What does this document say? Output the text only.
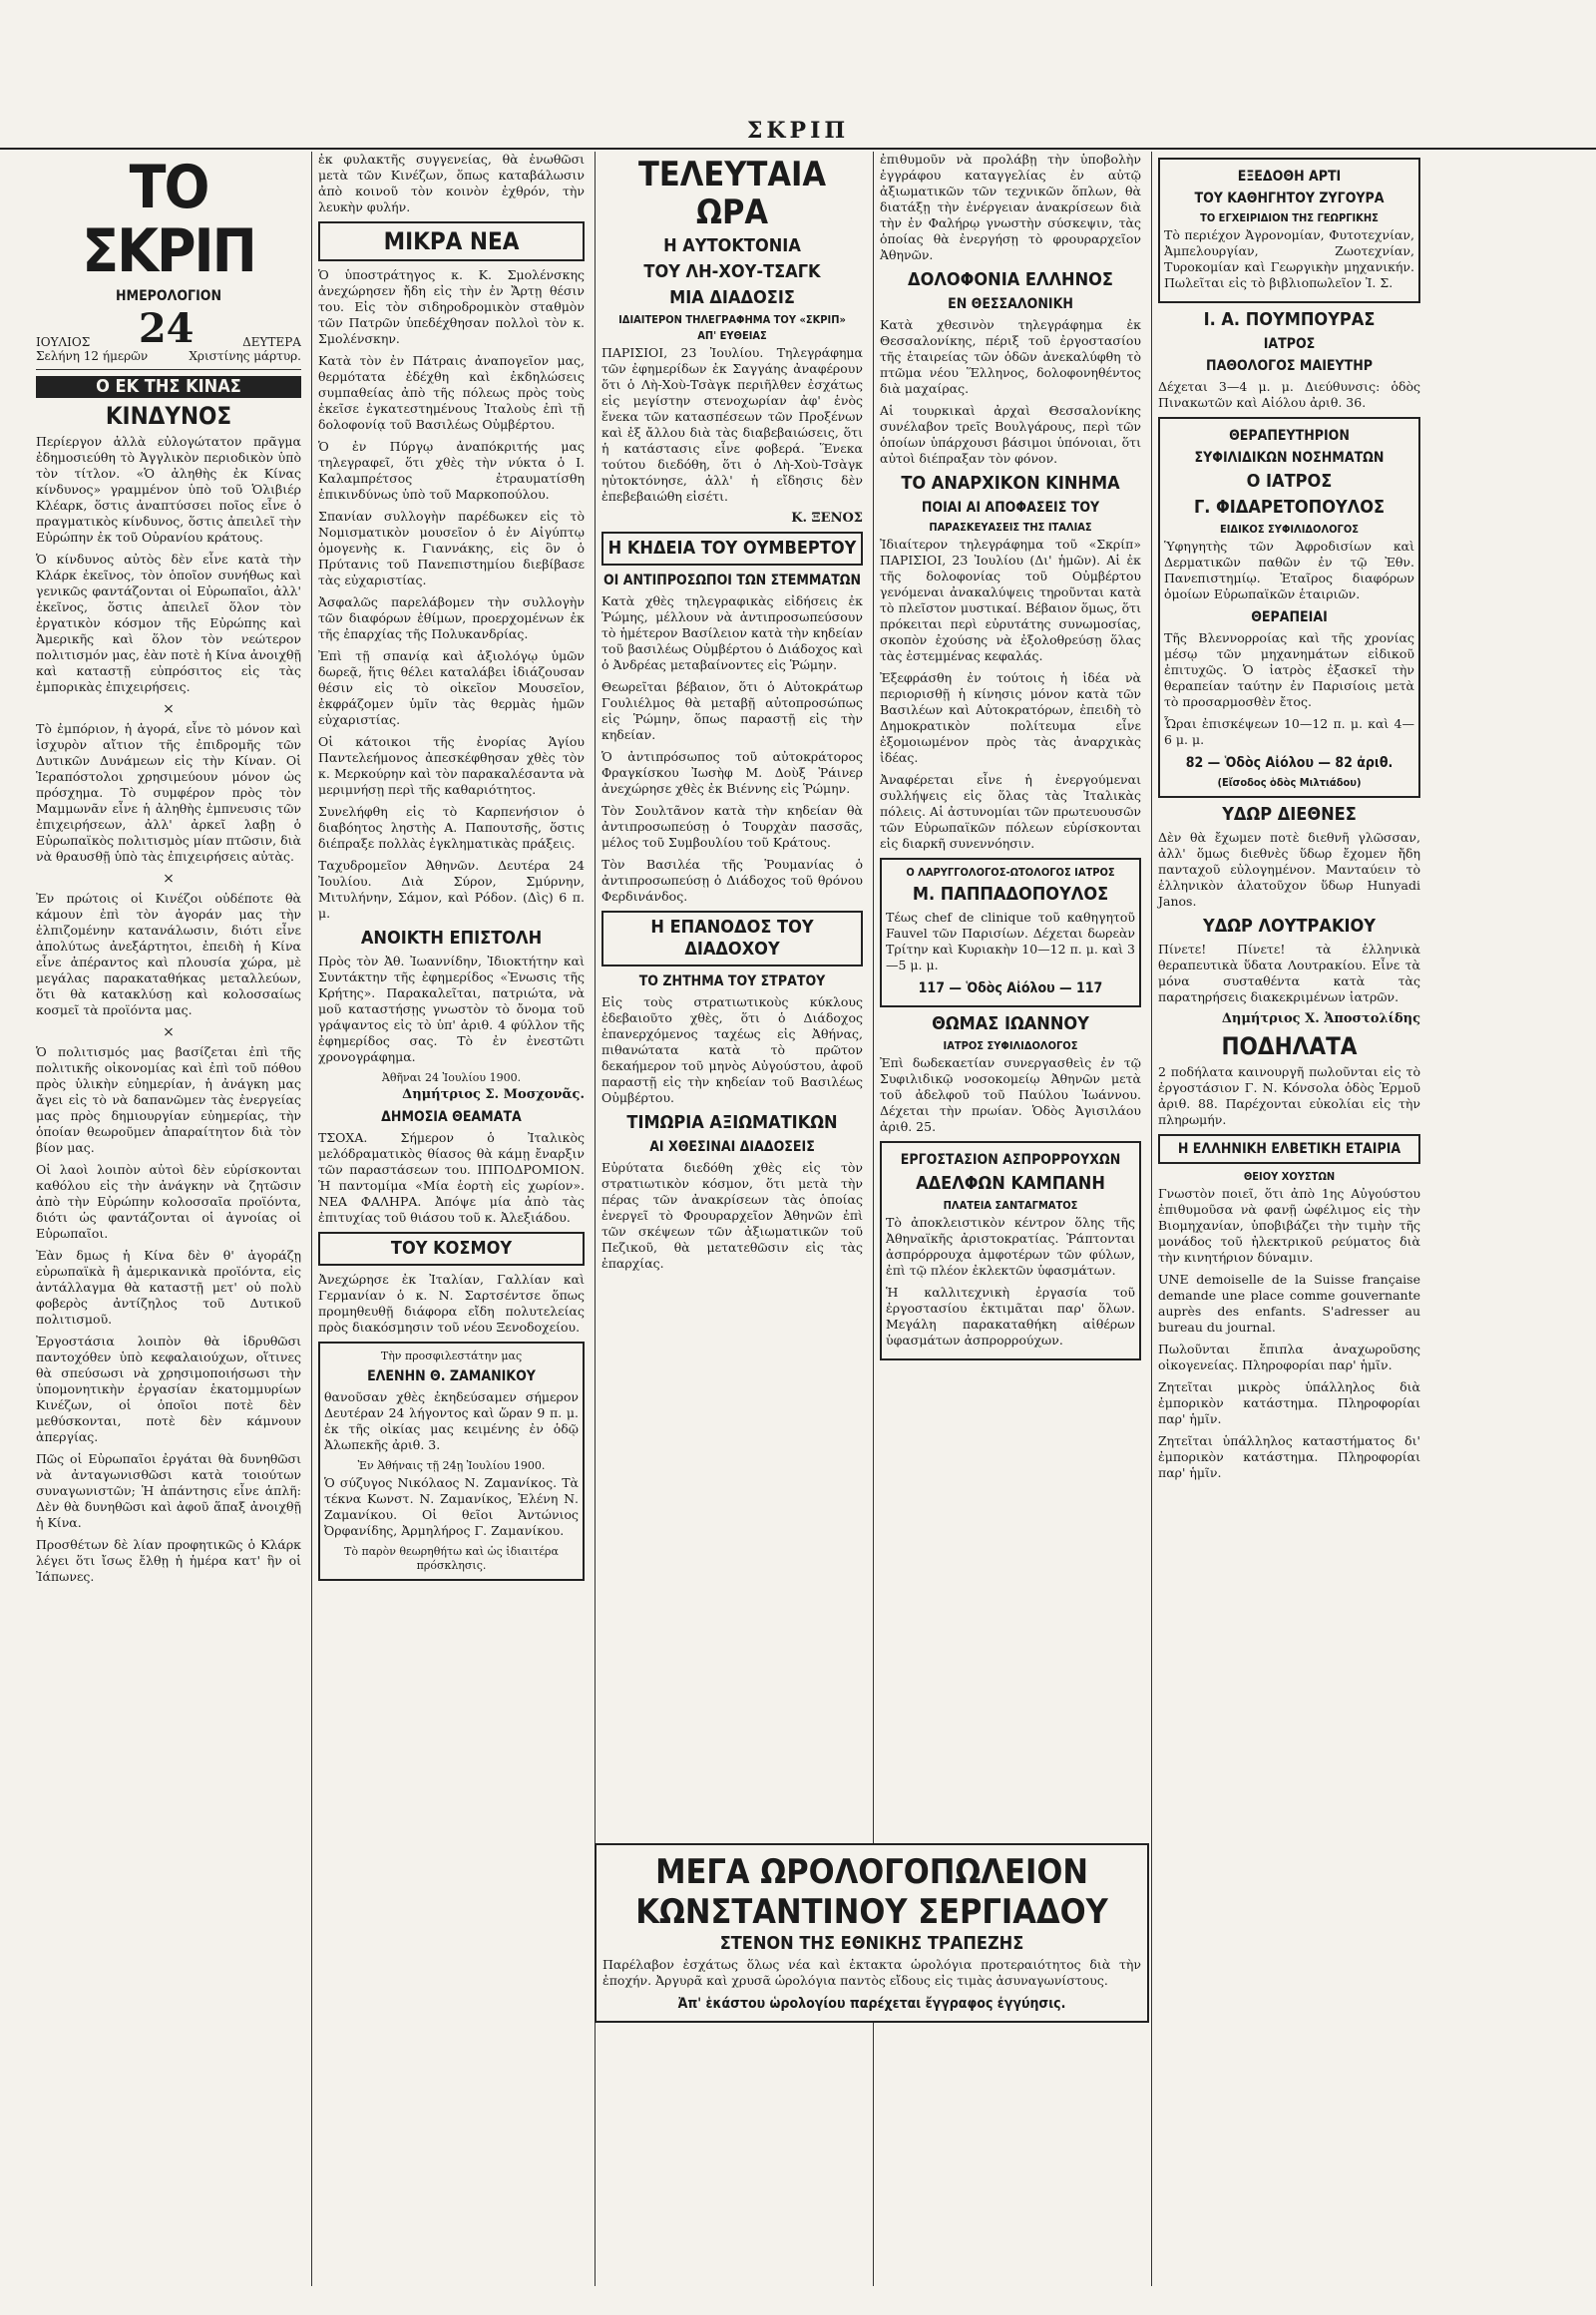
ΣΚΡΙΠ
ΤΟ ΣΚΡΙΠ
ΗΜΕΡΟΛΟΓΙΟΝ
ΙΟΥΛΙΟΣ 24	ΔΕΥΤΕΡΑ
Σελήνη 12 ήμερῶν	Χριστίνης μάρτυρ.
Ο ΕΚ ΤΗΣ ΚΙΝΑΣ
ΚΙΝΔΥΝΟΣ

Περίεργον ἀλλὰ εὐλογώτατον πρᾶγμα ἐδημοσιεύθη τὸ Ἀγγλικὸν περιοδικὸν ὑπὸ τὸν τίτλον. «Ὁ ἀληθὴς ἐκ Κίνας κίνδυνος» γραμμένον ὑπὸ τοῦ Ὁλιβιέρ Κλέαρκ, ὅστις ἀναπτύσσει ποῖος εἶνε ὁ πραγματικὸς κίνδυνος, ὅστις ἀπειλεῖ τὴν Εὐρώπην ἐκ τοῦ Οὐρανίου κράτους.

Ὁ κίνδυνος αὐτὸς δὲν εἶνε κατὰ τὴν Κλάρκ ἐκεῖνος, τὸν ὁποῖον συνήθως καὶ γενικῶς φαντάζονται οἱ Εὐρωπαῖοι, ἀλλ' ἐκεῖνος, ὅστις ἀπειλεῖ ὅλον τὸν ἐργατικὸν κόσμον τῆς Εὐρώπης καὶ Ἀμερικῆς καὶ ὅλον τὸν νεώτερον πολιτισμόν μας, ἐὰν ποτὲ ἡ Κίνα ἀνοιχθῇ καὶ καταστῇ εὐπρόσιτος εἰς τὰς ἐμπορικὰς ἐπιχειρήσεις.

×

Τὸ ἐμπόριον, ἡ ἀγορά, εἶνε τὸ μόνον καὶ ἰσχυρὸν αἴτιον τῆς ἐπιδρομῆς τῶν Δυτικῶν Δυνάμεων εἰς τὴν Κίναν. Οἱ Ἱεραπόστολοι χρησιμεύουν μόνον ὡς πρόσχημα. Τὸ συμφέρον πρὸς τὸν Μαμμωνᾶν εἶνε ἡ ἀληθὴς ἐμπνευσις τῶν ἐπιχειρήσεων, ἀλλ' ἀρκεῖ λαβῃ ὁ Εὐρωπαϊκὸς πολιτισμὸς μίαν πτῶσιν, διὰ νὰ θραυσθῇ ὑπὸ τὰς ἐπιχειρήσεις αὐτὰς.

×

Ἐν πρώτοις οἱ Κινέζοι οὐδέποτε θὰ κάμουν ἐπὶ τὸν ἀγοράν μας τὴν ἐλπιζομένην κατανάλωσιν, διότι εἶνε ἀπολύτως ἀνεξάρτητοι, ἐπειδὴ ἡ Κίνα εἶνε ἀπέραντος καὶ πλουσία χώρα, μὲ μεγάλας παρακαταθήκας μεταλλεύων, ὅτι θὰ κατακλύσῃ καὶ κολοσσαίως κοσμεῖ τὰ προϊόντα μας.

×

Ὁ πολιτισμός μας βασίζεται ἐπὶ τῆς πολιτικῆς οἰκονομίας καὶ ἐπὶ τοῦ πόθου πρὸς ὑλικὴν εὐημερίαν, ἡ ἀνάγκη μας ἄγει εἰς τὸ νὰ δαπανῶμεν τὰς ἐνεργείας μας πρὸς δημιουργίαν εὐημερίας, τὴν ὁποίαν θεωροῦμεν ἀπαραίτητον διὰ τὸν βίον μας.

Οἱ λαοὶ λοιπὸν αὐτοὶ δὲν εὑρίσκονται καθόλου εἰς τὴν ἀνάγκην νὰ ζητῶσιν ἀπὸ τὴν Εὐρώπην κολοσσαῖα προϊόντα, διότι ὡς φαντάζονται οἱ ἀγνοίας οἱ Εὐρωπαῖοι.

Ἐὰν δμως ἡ Κίνα δὲν θ' ἀγοράζῃ εὐρωπαϊκὰ ἢ ἀμερικανικὰ προϊόντα, εἰς ἀντάλλαγμα θὰ καταστῇ μετ' οὐ πολὺ φοβερὸς ἀντίζηλος τοῦ Δυτικοῦ πολιτισμοῦ.

Ἐργοστάσια λοιπὸν θὰ ἱδρυθῶσι παντοχόθεν ὑπὸ κεφαλαιούχων, οἵτινες θὰ σπεύσωσι νὰ χρησιμοποιήσωσι τὴν ὑπομονητικὴν ἐργασίαν ἑκατομμυρίων Κινέζων, οἱ ὁποῖοι ποτὲ δὲν μεθύσκονται, ποτὲ δὲν κάμνουν ἀπεργίας.

Πῶς οἱ Εὐρωπαῖοι ἐργάται θὰ δυνηθῶσι νὰ ἀνταγωνισθῶσι κατὰ τοιούτων συναγωνιστῶν; Ἡ ἀπάντησις εἶνε ἁπλῆ: Δὲν θὰ δυνηθῶσι καὶ ἀφοῦ ἅπαξ ἀνοιχθῇ ἡ Κίνα.

Προσθέτων δὲ λίαν προφητικῶς ὁ Κλάρκ λέγει ὅτι ἴσως ἔλθῃ ἡ ἡμέρα κατ' ἣν οἱ Ἰάπωνες.

ἐκ φυλακτῆς συγγενείας, θὰ ἐνωθῶσι μετὰ τῶν Κινέζων, ὅπως καταβάλωσιν ἀπὸ κοινοῦ τὸν κοινὸν ἐχθρόν, τὴν λευκὴν φυλήν.

ΜΙΚΡΑ ΝΕΑ

Ὁ ὑποστράτηγος κ. Κ. Σμολένσκης ἀνεχώρησεν ἤδη εἰς τὴν ἐν Ἄρτῃ θέσιν του. Εἰς τὸν σιδηροδρομικὸν σταθμὸν τῶν Πατρῶν ὑπεδέχθησαν πολλοὶ τὸν κ. Σμολένσκην.

Κατὰ τὸν ἐν Πάτραις ἀναπογεῖον μας, θερμότατα ἐδέχθη καὶ ἐκδηλώσεις συμπαθείας ἀπὸ τῆς πόλεως πρὸς τοὺς ἐκεῖσε ἐγκατεστημένους Ἰταλοὺς ἐπὶ τῇ δολοφονίᾳ τοῦ Βασιλέως Οὐμβέρτου.

Ὁ ἐν Πύργῳ ἀναπόκριτής μας τηλεγραφεῖ, ὅτι χθὲς τὴν νύκτα ὁ Ι. Καλαμπρέτσος ἐτραυματίσθη ἐπικινδύνως ὑπὸ τοῦ Μαρκοπούλου.

Σπανίαν συλλογὴν παρέδωκεν εἰς τὸ Νομισματικὸν μουσεῖον ὁ ἐν Αἰγύπτῳ ὁμογενὴς κ. Γιαννάκης, εἰς ὃν ὁ Πρύτανις τοῦ Πανεπιστημίου διεβίβασε τὰς εὐχαριστίας.

Ἀσφαλῶς παρελάβομεν τὴν συλλογὴν τῶν διαφόρων ἐθίμων, προερχομένων ἐκ τῆς ἐπαρχίας τῆς Πολυκανδρίας.

Ἐπὶ τῇ σπανίᾳ καὶ ἀξιολόγῳ ὑμῶν δωρεᾷ, ἥτις θέλει καταλάβει ἰδιάζουσαν θέσιν εἰς τὸ οἰκεῖον Μουσεῖον, ἐκφράζομεν ὑμῖν τὰς θερμὰς ἡμῶν εὐχαριστίας.

Οἱ κάτοικοι τῆς ἐνορίας Ἁγίου Παντελεήμονος ἀπεσκέφθησαν χθὲς τὸν κ. Μερκούρην καὶ τὸν παρακαλέσαντα νὰ μεριμνήσῃ περὶ τῆς καθαριότητος.

Συνελήφθη εἰς τὸ Καρπενήσιον ὁ διαβόητος ληστὴς Α. Παπουτσῆς, ὅστις διέπραξε πολλὰς ἐγκληματικὰς πράξεις.

Ταχυδρομεῖον Ἀθηνῶν. Δευτέρα 24 Ἰουλίου. Διὰ Σύρον, Σμύρνην, Μιτυλήνην, Σάμον, καὶ Ρόδον. (Δὶς) 6 π. μ.

ΑΝΟΙΚΤΗ ΕΠΙΣΤΟΛΗ

Πρὸς τὸν Ἀθ. Ἰωαννίδην, Ἰδιοκτήτην καὶ Συντάκτην τῆς ἐφημερίδος «Ἐνωσις τῆς Κρήτης». Παρακαλεῖται, πατριώτα, νὰ μοῦ καταστήσῃς γνωστὸν τὸ ὄνομα τοῦ γράψαντος εἰς τὸ ὑπ' ἀριθ. 4 φύλλον τῆς ἐφημερίδος σας. Τὸ ἐν ἐνεστῶτι χρονογράφημα.

Ἀθῆναι 24 Ἰουλίου 1900.
Δημήτριος Σ. Μοσχονᾶς.
ΔΗΜΟΣΙΑ ΘΕΑΜΑΤΑ

ΤΣΟΧΑ. Σήμερον ὁ Ἰταλικὸς μελόδραματικὸς θίασος θὰ κάμῃ ἔναρξιν τῶν παραστάσεων του. ΙΠΠΟΔΡΟΜΙΟΝ. Ἡ παντομίμα «Μία ἑορτὴ εἰς χωρίον». ΝΕΑ ΦΑΛΗΡΑ. Ἀπόψε μία ἀπὸ τὰς ἐπιτυχίας τοῦ θιάσου τοῦ κ. Ἀλεξιάδου.

ΤΟΥ ΚΟΣΜΟΥ

Ἀνεχώρησε ἐκ Ἰταλίαν, Γαλλίαν καὶ Γερμανίαν ὁ κ. Ν. Σαρτσέντσε ὅπως προμηθευθῇ διάφορα εἴδη πολυτελείας πρὸς διακόσμησιν τοῦ νέου Ξενοδοχείου.

Τὴν προσφιλεστάτην μας
ΕΛΕΝΗΝ Θ. ΖΑΜΑΝΙΚΟΥ

θανοῦσαν χθὲς ἐκηδεύσαμεν σήμερον Δευτέραν 24 λήγοντος καὶ ὥραν 9 π. μ. ἐκ τῆς οἰκίας μας κειμένης ἐν ὁδῷ Ἀλωπεκῆς ἀριθ. 3.

Ἐν Ἀθήναις τῇ 24ῃ Ἰουλίου 1900.

Ὁ σύζυγος Νικόλαος Ν. Ζαμανίκος. Τὰ τέκνα Κωνστ. Ν. Ζαμανίκος, Ἑλένη Ν. Ζαμανίκου. Οἱ θεῖοι Ἀντώνιος Ὀρφανίδης, Ἀρμηλήρος Γ. Ζαμανίκου.

Τὸ παρὸν θεωρηθήτω καὶ ὡς ἰδιαιτέρα πρόσκλησις.
ΤΕΛΕΥΤΑΙΑ ΩΡΑ
Η ΑΥΤΟΚΤΟΝΙΑ
ΤΟΥ ΛΗ-ΧΟΥ-ΤΣΑΓΚ
ΜΙΑ ΔΙΑΔΟΣΙΣ
ΙΔΙΑΙΤΕΡΟΝ ΤΗΛΕΓΡΑΦΗΜΑ ΤΟΥ «ΣΚΡΙΠ»
ΑΠ' ΕΥΘΕΙΑΣ

ΠΑΡΙΣΙΟΙ, 23 Ἰουλίου. Τηλεγράφημα τῶν ἐφημερίδων ἐκ Σαγγάης ἀναφέρουν ὅτι ὁ Λὴ-Χοὺ-Τσὰγκ περιῆλθεν ἐσχάτως εἰς μεγίστην στενοχωρίαν ἀφ' ἑνὸς ἕνεκα τῶν κατασπέσεων τῶν Προξένων καὶ ἐξ ἄλλου διὰ τὰς διαβεβαιώσεις, ὅτι ἡ κατάστασις εἶνε φοβερά. Ἕνεκα τούτου διεδόθη, ὅτι ὁ Λὴ-Χοὺ-Τσὰγκ ηὐτοκτόνησε, ἀλλ' ἡ εἴδησις δὲν ἐπεβεβαιώθη εἰσέτι.

Κ. ΞΕΝΟΣ
Η ΚΗΔΕΙΑ ΤΟΥ ΟΥΜΒΕΡΤΟΥ
ΟΙ ΑΝΤΙΠΡΟΣΩΠΟΙ ΤΩΝ ΣΤΕΜΜΑΤΩΝ

Κατὰ χθὲς τηλεγραφικὰς εἰδήσεις ἐκ Ῥώμης, μέλλουν νὰ ἀντιπροσωπεύσουν τὸ ἡμέτερον Βασίλειον κατὰ τὴν κηδείαν τοῦ βασιλέως Οὐμβέρτου ὁ Διάδοχος καὶ ὁ Ἀνδρέας μεταβαίνοντες εἰς Ῥώμην.

Θεωρεῖται βέβαιον, ὅτι ὁ Αὐτοκράτωρ Γουλιέλμος θὰ μεταβῇ αὐτοπροσώπως εἰς Ῥώμην, ὅπως παραστῇ εἰς τὴν κηδείαν.

Ὁ ἀντιπρόσωπος τοῦ αὐτοκράτορος Φραγκίσκου Ἰωσὴφ Μ. Δοὺξ Ῥάινερ ἀνεχώρησε χθὲς ἐκ Βιέννης εἰς Ῥώμην.

Τὸν Σουλτᾶνον κατὰ τὴν κηδείαν θὰ ἀντιπροσωπεύσῃ ὁ Τουρχὰν πασσᾶς, μέλος τοῦ Συμβουλίου τοῦ Κράτους.

Τὸν Βασιλέα τῆς Ῥουμανίας ὁ ἀντιπροσωπεύσῃ ὁ Διάδοχος τοῦ θρόνου Φερδινάνδος.

Η ΕΠΑΝΟΔΟΣ ΤΟΥ ΔΙΑΔΟΧΟΥ
ΤΟ ΖΗΤΗΜΑ ΤΟΥ ΣΤΡΑΤΟΥ

Εἰς τοὺς στρατιωτικοὺς κύκλους ἐδεβαιοῦτο χθὲς, ὅτι ὁ Διάδοχος ἐπανερχόμενος ταχέως εἰς Ἀθήνας, πιθανώτατα κατὰ τὸ πρῶτον δεκαήμερον τοῦ μηνὸς Αὐγούστου, ἀφοῦ παραστῇ εἰς τὴν κηδείαν τοῦ Βασιλέως Οὐμβέρτου.

ΤΙΜΩΡΙΑ ΑΞΙΩΜΑΤΙΚΩΝ
ΑΙ ΧΘΕΣΙΝΑΙ ΔΙΑΔΟΣΕΙΣ

Εὐρύτατα διεδόθη χθὲς εἰς τὸν στρατιωτικὸν κόσμον, ὅτι μετὰ τὴν πέρας τῶν ἀνακρίσεων τὰς ὁποίας ἐνεργεῖ τὸ Φρουραρχεῖον Ἀθηνῶν ἐπὶ τῶν σκέψεων τῶν ἀξιωματικῶν τοῦ Πεζικοῦ, θὰ μετατεθῶσιν εἰς τὰς ἐπαρχίας.

ἐπιθυμοῦν νὰ προλάβῃ τὴν ὑποβολὴν ἐγγράφου καταγγελίας ἐν αὐτῷ ἀξιωματικῶν τῶν τεχνικῶν ὅπλων, θὰ διατάξῃ τὴν ἐνέργειαν ἀνακρίσεων διὰ τὴν ἐν Φαλήρῳ γνωστὴν σύσκεψιν, τὰς ὁποίας θὰ ἐνεργήσῃ τὸ φρουραρχεῖον Ἀθηνῶν.

ΔΟΛΟΦΟΝΙΑ ΕΛΛΗΝΟΣ
ΕΝ ΘΕΣΣΑΛΟΝΙΚΗ

Κατὰ χθεσινὸν τηλεγράφημα ἐκ Θεσσαλονίκης, πέριξ τοῦ ἐργοστασίου τῆς ἑταιρείας τῶν ὁδῶν ἀνεκαλύφθη τὸ πτῶμα νέου Ἕλληνος, δολοφονηθέντος διὰ μαχαίρας.

Αἱ τουρκικαὶ ἀρχαὶ Θεσσαλονίκης συνέλαβον τρεῖς Βουλγάρους, περὶ τῶν ὁποίων ὑπάρχουσι βάσιμοι ὑπόνοιαι, ὅτι αὐτοὶ διέπραξαν τὸν φόνον.

ΤΟ ΑΝΑΡΧΙΚΟΝ ΚΙΝΗΜΑ
ΠΟΙΑΙ ΑΙ ΑΠΟΦΑΣΕΙΣ ΤΟΥ
ΠΑΡΑΣΚΕΥΑΣΕΙΣ ΤΗΣ ΙΤΑΛΙΑΣ

Ἰδιαίτερον τηλεγράφημα τοῦ «Σκρίπ» ΠΑΡΙΣΙΟΙ, 23 Ἰουλίου (Δι' ἡμῶν). Αἱ ἐκ τῆς δολοφονίας τοῦ Οὐμβέρτου γενόμεναι ἀνακαλύψεις τηροῦνται κατὰ τὸ πλεῖστον μυστικαί. Βέβαιον ὅμως, ὅτι πρόκειται περὶ εὐρυτάτης συνωμοσίας, σκοπὸν ἐχούσης νὰ ἐξολοθρεύσῃ ὅλας τὰς ἐστεμμένας κεφαλάς.

Ἐξεφράσθη ἐν τούτοις ἡ ἰδέα νὰ περιορισθῇ ἡ κίνησις μόνον κατὰ τῶν Βασιλέων καὶ Αὐτοκρατόρων, ἐπειδὴ τὸ Δημοκρατικὸν πολίτευμα εἶνε ἐξομοιωμένον πρὸς τὰς ἀναρχικὰς ἰδέας.

Ἀναφέρεται εἶνε ἡ ἐνεργούμεναι συλλήψεις εἰς ὅλας τὰς Ἰταλικὰς πόλεις. Αἱ ἀστυνομίαι τῶν πρωτευουσῶν τῶν Εὐρωπαϊκῶν πόλεων εὑρίσκονται εἰς διαρκῆ συνεννόησιν.

Ο ΛΑΡΥΓΓΟΛΟΓΟΣ-ΩΤΟΛΟΓΟΣ ΙΑΤΡΟΣ
Μ. ΠΑΠΠΑΔΟΠΟΥΛΟΣ

Τέως chef de clinique τοῦ καθηγητοῦ Fauvel τῶν Παρισίων. Δέχεται δωρεὰν Τρίτην καὶ Κυριακὴν 10—12 π. μ. καὶ 3—5 μ. μ.

117 — Ὁδὸς Αἰόλου — 117
ΘΩΜΑΣ ΙΩΑΝΝΟΥ
ΙΑΤΡΟΣ ΣΥΦΙΛΙΔΟΛΟΓΟΣ

Ἐπὶ δωδεκαετίαν συνεργασθεὶς ἐν τῷ Συφιλιδικῷ νοσοκομείῳ Ἀθηνῶν μετὰ τοῦ ἀδελφοῦ τοῦ Παύλου Ἰωάννου. Δέχεται τὴν πρωίαν. Ὁδὸς Ἀγισιλάου ἀριθ. 25.

ΕΡΓΟΣΤΑΣΙΟΝ ΑΣΠΡΟΡΡΟΥΧΩΝ
ΑΔΕΛΦΩΝ ΚΑΜΠΑΝΗ
ΠΛΑΤΕΙΑ ΣΑΝΤΑΓΜΑΤΟΣ

Τὸ ἀποκλειστικὸν κέντρον ὅλης τῆς Ἀθηναϊκῆς ἀριστοκρατίας. Ῥάπτονται ἀσπρόρρουχα ἀμφοτέρων τῶν φύλων, ἐπὶ τῷ πλέον ἐκλεκτῶν ὑφασμάτων.

Ἡ καλλιτεχνικὴ ἐργασία τοῦ ἐργοστασίου ἐκτιμᾶται παρ' ὅλων. Μεγάλη παρακαταθήκη αἰθέρων ὑφασμάτων ἀσπρορρούχων.

ΕΞΕΔΟΘΗ ΑΡΤΙ
ΤΟΥ ΚΑΘΗΓΗΤΟΥ ΖΥΓΟΥΡΑ
ΤΟ ΕΓΧΕΙΡΙΔΙΟΝ ΤΗΣ ΓΕΩΡΓΙΚΗΣ

Τὸ περιέχον Ἀγρονομίαν, Φυτοτεχνίαν, Ἀμπελουργίαν, Ζωοτεχνίαν, Τυροκομίαν καὶ Γεωργικὴν μηχανικήν. Πωλεῖται εἰς τὸ βιβλιοπωλεῖον Ἰ. Σ.

Ι. Α. ΠΟΥΜΠΟΥΡΑΣ
ΙΑΤΡΟΣ
ΠΑΘΟΛΟΓΟΣ ΜΑΙΕΥΤΗΡ

Δέχεται 3—4 μ. μ. Διεύθυνσις: ὁδὸς Πινακωτῶν καὶ Αἰόλου ἀριθ. 36.

ΘΕΡΑΠΕΥΤΗΡΙΟΝ
ΣΥΦΙΛΙΔΙΚΩΝ ΝΟΣΗΜΑΤΩΝ
Ο ΙΑΤΡΟΣ
Γ. ΦΙΔΑΡΕΤΟΠΟΥΛΟΣ
ΕΙΔΙΚΟΣ ΣΥΦΙΛΙΔΟΛΟΓΟΣ

Ὑφηγητὴς τῶν Ἀφροδισίων καὶ Δερματικῶν παθῶν ἐν τῷ Ἐθν. Πανεπιστημίῳ. Ἑταῖρος διαφόρων ὁμοίων Εὐρωπαϊκῶν ἑταιριῶν.

ΘΕΡΑΠΕΙΑΙ

Τῆς Βλεννορροίας καὶ τῆς χρονίας μέσῳ τῶν μηχανημάτων εἰδικοῦ ἐπιτυχῶς. Ὁ ἰατρὸς ἐξασκεῖ τὴν θεραπείαν ταύτην ἐν Παρισίοις μετὰ τὸ προσαρμοσθὲν ἔτος.

Ὧραι ἐπισκέψεων 10—12 π. μ. καὶ 4—6 μ. μ.

82 — Ὁδὸς Αἰόλου — 82 ἀριθ.
(Εἴσοδος ὁδὸς Μιλτιάδου)
ΥΔΩΡ ΔΙΕΘΝΕΣ

Δὲν θὰ ἔχωμεν ποτὲ διεθνῆ γλῶσσαν, ἀλλ' ὅμως διεθνὲς ὕδωρ ἔχομεν ἤδη πανταχοῦ εὐλογημένον. Μανταύειν τὸ ἑλληνικὸν ἀλατοῦχον ὕδωρ Hunyadi Janos.

ΥΔΩΡ ΛΟΥΤΡΑΚΙΟΥ

Πίνετε! Πίνετε! τὰ ἑλληνικὰ θεραπευτικὰ ὕδατα Λουτρακίου. Εἶνε τὰ μόνα συσταθέντα κατὰ τὰς παρατηρήσεις διακεκριμένων ἰατρῶν.

Δημήτριος Χ. Ἀποστολίδης
ΠΟΔΗΛΑΤΑ

2 ποδήλατα καινουργῆ πωλοῦνται εἰς τὸ ἐργοστάσιον Γ. Ν. Κόνσολα ὁδὸς Ἑρμοῦ ἀριθ. 88. Παρέχονται εὐκολίαι εἰς τὴν πληρωμήν.

Η ΕΛΛΗΝΙΚΗ ΕΛΒΕΤΙΚΗ ΕΤΑΙΡΙΑ
ΘΕΙΟΥ ΧΟΥΣΤΩΝ

Γνωστὸν ποιεῖ, ὅτι ἀπὸ 1ης Αὐγούστου ἐπιθυμοῦσα νὰ φανῇ ὠφέλιμος εἰς τὴν Βιομηχανίαν, ὑποβιβάζει τὴν τιμὴν τῆς μονάδος τοῦ ἠλεκτρικοῦ ρεύματος διὰ τὴν κινητήριον δύναμιν.

UNE demoiselle de la Suisse française demande une place comme gouvernante auprès des enfants. S'adresser au bureau du journal.

Πωλοῦνται ἔπιπλα ἀναχωροῦσης οἰκογενείας. Πληροφορίαι παρ' ἡμῖν.

Ζητεῖται μικρὸς ὑπάλληλος διὰ ἐμπορικὸν κατάστημα. Πληροφορίαι παρ' ἡμῖν.

Ζητεῖται ὑπάλληλος καταστήματος δι' ἐμπορικὸν κατάστημα. Πληροφορίαι παρ' ἡμῖν.

ΜΕΓΑ ΩΡΟΛΟΓΟΠΩΛΕΙΟΝ
ΚΩΝΣΤΑΝΤΙΝΟΥ ΣΕΡΓΙΑΔΟΥ
ΣΤΕΝΟΝ ΤΗΣ ΕΘΝΙΚΗΣ ΤΡΑΠΕΖΗΣ

Παρέλαβον ἐσχάτως ὅλως νέα καὶ ἐκτακτα ὡρολόγια προτεραιότητος διὰ τὴν ἐποχήν. Ἀργυρᾶ καὶ χρυσᾶ ὡρολόγια παντὸς εἴδους εἰς τιμὰς ἀσυναγωνίστους.

Ἀπ' ἑκάστου ὡρολογίου παρέχεται ἔγγραφος ἐγγύησις.
